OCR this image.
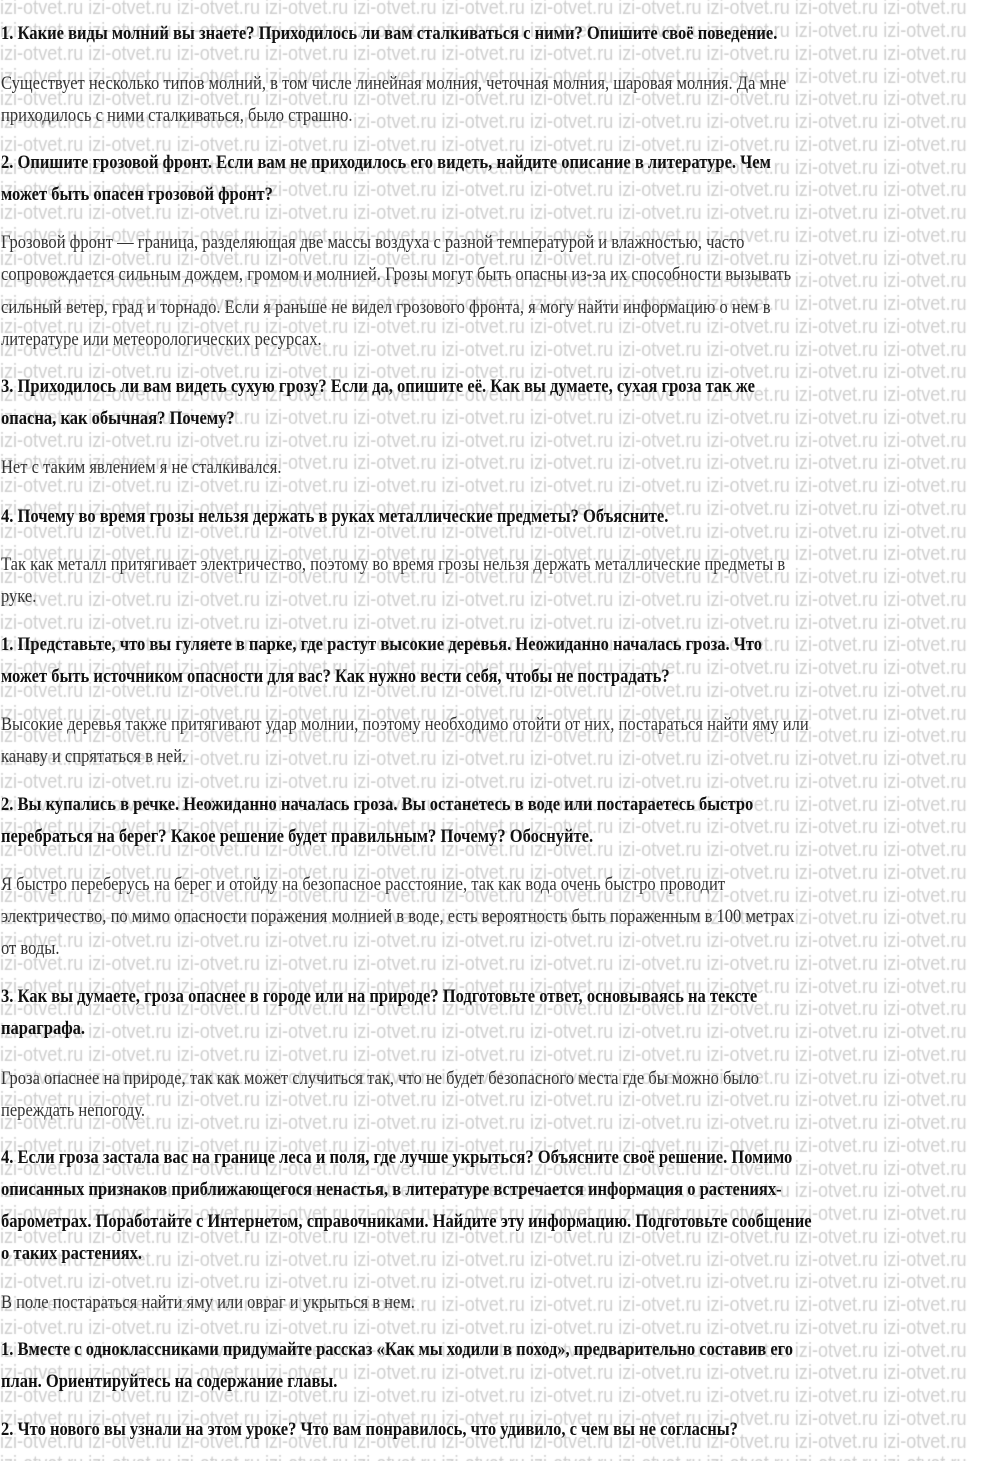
1. Какие виды молний вы знаете? Приходилось ли вам сталкиваться с ними? Опишите своё поведение.
Существует несколько типов молний, в том числе линейная молния, четочная молния, шаровая молния. Да мне
приходилось с ними сталкиваться, было страшно.
2. Опишите грозовой фронт. Если вам не приходилось его видеть, найдите описание в литературе. Чем
может быть опасен грозовой фронт?
Грозовой фронт — граница, разделяющая две массы воздуха с разной температурой и влажностью, часто
сопровождается сильным дождем, громом и молнией. Грозы могут быть опасны из-за их способности вызывать
сильный ветер, град и торнадо. Если я раньше не видел грозового фронта, я могу найти информацию о нем в
литературе или метеорологических ресурсах.
3. Приходилось ли вам видеть сухую грозу? Если да, опишите её. Как вы думаете, сухая гроза так же
опасна, как обычная? Почему?
Нет с таким явлением я не сталкивался.
4. Почему во время грозы нельзя держать в руках металлические предметы? Объясните.
Так как металл притягивает электричество, поэтому во время грозы нельзя держать металлические предметы в
руке.
1. Представьте, что вы гуляете в парке, где растут высокие деревья. Неожиданно началась гроза. Что
может быть источником опасности для вас? Как нужно вести себя, чтобы не пострадать?
Высокие деревья также притягивают удар молнии, поэтому необходимо отойти от них, постараться найти яму или
канаву и спрятаться в ней.
2. Вы купались в речке. Неожиданно началась гроза. Вы останетесь в воде или постараетесь быстро
перебраться на берег? Какое решение будет правильным? Почему? Обоснуйте.
Я быстро переберусь на берег и отойду на безопасное расстояние, так как вода очень быстро проводит
электричество, по мимо опасности поражения молнией в воде, есть вероятность быть пораженным в 100 метрах
от воды.
3. Как вы думаете, гроза опаснее в городе или на природе? Подготовьте ответ, основываясь на тексте
параграфа.
Гроза опаснее на природе, так как может случиться так, что не будет безопасного места где бы можно было
переждать непогоду.
4. Если гроза застала вас на границе леса и поля, где лучше укрыться? Объясните своё решение. Помимо
описанных признаков приближающегося ненастья, в литературе встречается информация о растениях-
барометрах. Поработайте с Интернетом, справочниками. Найдите эту информацию. Подготовьте сообщение
о таких растениях.
В поле постараться найти яму или овраг и укрыться в нем.
1. Вместе с одноклассниками придумайте рассказ «Как мы ходили в поход», предварительно составив его
план. Ориентируйтесь на содержание главы.
2. Что нового вы узнали на этом уроке? Что вам понравилось, что удивило, с чем вы не согласны?
